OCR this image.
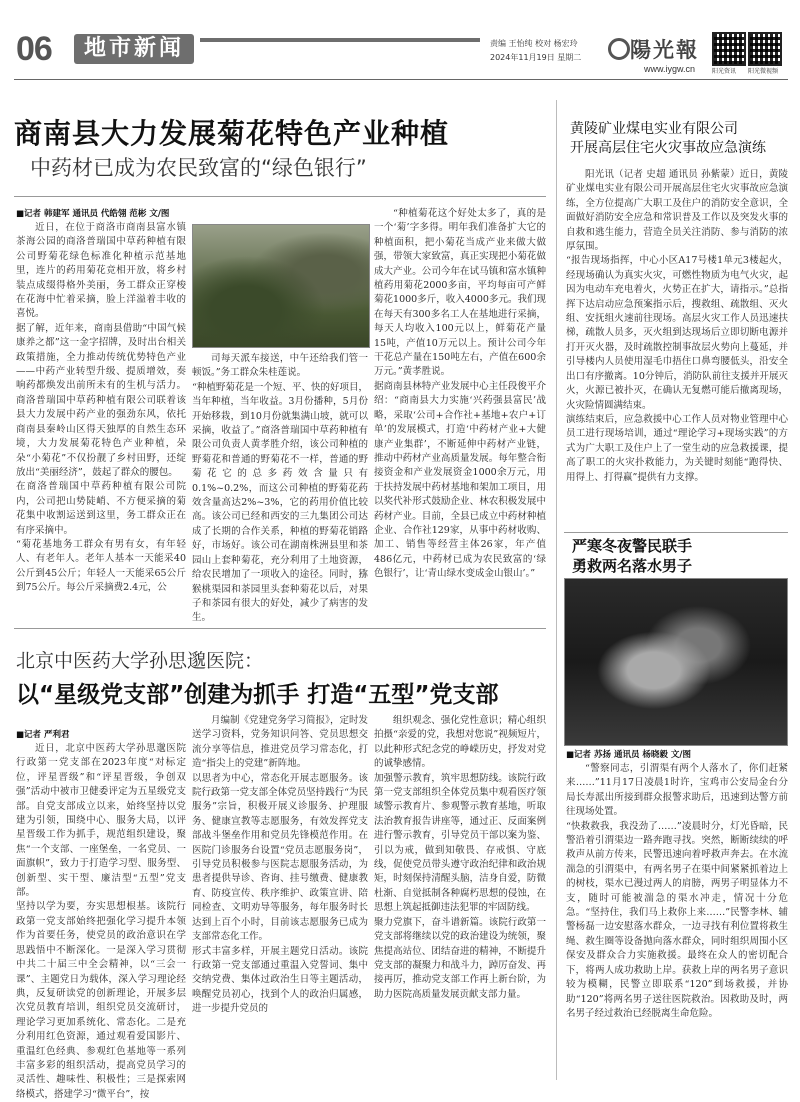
06	地市新闻	责编 王怡纯 校对 杨宏玲
2024年11月19日 星期二 陽光報
www.iygw.cn	阳光资讯 阳光微视频
商南县大力发展菊花特色产业种植
中药材已成为农民致富的“绿色银行”
■记者 韩建军 通讯员 代皓翎 范彬 文/图

近日，在位于商洛市商南县富水镇茶海公园的商洛普瑞国中草药种植有限公司野菊花绿色标准化种植示范基地里，连片的药用菊花竞相开放，将乡村装点成缀得格外美丽，务工群众正穿梭在花海中忙着采摘，脸上洋溢着丰收的喜悦。
据了解，近年来，商南县借助“中国气候康养之都”这一金字招牌，及时出台相关政策措施，全力推动传统优势特色产业——中药产业转型升级、提质增效，奏响药都焕发出前所未有的生机与活力。商洛普瑞国中草药种植有限公司联着该县大力发展中药产业的强劲东风，依托商南县秦岭山区得天独厚的自然生态环境，大力发展菊花特色产业种植，朵朵“小菊花”不仅扮靓了乡村田野，还绽放出“美丽经济”，鼓起了群众的腰包。
在商洛普瑞国中草药种植有限公司院内，公司把山势陡峭、不方便采摘的菊花集中收割运送到这里，务工群众正在有序采摘中。
“菊花基地务工群众有男有女，有年轻人、有老年人。老年人基本一天能采40公斤到45公斤；年轻人一天能采65公斤到75公斤。每公斤采摘费2.4元，公

司每天派车接送，中午还给我们管一顿饭。”务工群众朱桂莲说。
“种植野菊花是一个短、平、快的好项目，当年种植，当年收益。3月份播种，5月份开始移栽，到10月份就集满山坡，就可以采摘，收益了。”商洛普瑞国中草药种植有限公司负责人黄孝胜介绍，该公司种植的野菊花和普通的野菊花不一样，普通的野菊花它的总多药效含量只有0.1%~0.2%，而这公司种植的野菊花药效含量高达2%~3%，它的药用价值比较高。该公司已经和西安的三九集团公司达成了长期的合作关系，种植的野菊花销路好，市场好。该公司在湖南株洲县里和茶园山上套种菊花，充分利用了土地资源，给农民增加了一项收入的途径。同时，猕猴桃渠园和茶园里头套种菊花以后，对果子和茶园有很大的好处，减少了病害的发生。

“种植菊花这个好处太多了，真的是一个‘菊’字多得。明年我们准备扩大它的种植面积，把小菊花当成产业来做大做强，带领大家致富，真正实现把小菊花做成大产业。公司今年在试马镇和富水镇种植药用菊花2000多亩，平均每亩可产鲜菊花1000多斤，收入4000多元。我们现在每天有300多名工人在基地进行采摘，每天人均收入100元以上，鲜菊花产量15吨，产值10万元以上。预计公司今年干花总产量在150吨左右，产值在600余万元。”黄孝胜说。
据商南县林特产业发展中心主任段俊平介绍：“商南县大力实施‘兴药强县富民’战略，采取‘公司+合作社+基地+农户+订单’的发展模式，打造‘中药材产业+大健康产业集群’，不断延伸中药材产业链，推动中药材产业高质量发展。每年整合衔接资金和产业发展资金1000余万元，用于扶持发展中药材基地和架加工项目，用以奖代补形式鼓励企业、林农积极发展中药材产业。目前，全县已成立中药材种植企业、合作社129家，从事中药材收购、加工、销售等经营主体26家，年产值486亿元，中药材已成为农民致富的‘绿色银行’，让‘青山绿水变成金山银山’。”

北京中医药大学孙思邈医院：
以“星级党支部”创建为抓手 打造“五型”党支部
■记者 严利君

近日，北京中医药大学孙思邈医院行政第一党支部在2023年度“对标定位，评星晋级”和“评星晋级，争创双强”活动中被市卫健委评定为五星级党支部。自党支部成立以来，始终坚持以党建为引领，围绕中心、服务大局，以评星晋级工作为抓手，规范组织建设，聚焦“一个支部、一座堡垒，一名党员、一面旗帜”，致力于打造学习型、服务型、创新型、实干型、廉洁型“五型”党支部。
坚持以学为要，夯实思想根基。该院行政第一党支部始终把强化学习提升本领作为首要任务，使党员的政治意识在学思践悟中不断深化。一是深入学习贯彻中共二十届三中全会精神，以“三会一课”、主题党日为载体，深入学习理论经典，反复研读党的创新理论，开展多层次党员教育培训，组织党员交流研讨，理论学习更加系统化、常态化。二是充分利用红色资源，通过观看爱国影片、重温红色经典、参观红色基地等一系列丰富多彩的组织活动，提高党员学习的灵活性、趣味性、积极性；三是探索网络模式，搭建学习“微平台”，按

月编制《党建党务学习简报》，定时发送学习资料，党务知识问答、党员思想交流分享等信息，推进党员学习常态化，打造“指尖上的党建”新阵地。
以思者为中心，常态化开展志愿服务。该院行政第一党支部全体党员坚持践行“为民服务”宗旨，积极开展义诊服务、护理服务、健康宣教等志愿服务，有效发挥党支部战斗堡垒作用和党员先锋模范作用。在医院门诊服务台设置“党员志愿服务岗”，引导党员积极参与医院志愿服务活动，为患者提供导诊、咨询、挂号缴费、健康教育、防疫宣传、秩序维护、政策宣讲、陪同检查、文明劝导等服务，每年服务时长达到上百个小时，目前该志愿服务已成为支部常态化工作。
形式丰富多样，开展主题党日活动。该院行政第一党支部通过重温入党誓词、集中交纳党费、集体过政治生日等主题活动，唤醒党员初心，找到个人的政治归属感，进一步提升党员的

组织观念、强化党性意识；精心组织拍摄“亲爱的党，我想对您说”视频短片，以此种形式纪念党的峥嵘历史，抒发对党的诚挚感情。
加强警示教育，筑牢思想防线。该院行政第一党支部组织全体党员集中观看医疗领域警示教育片、参观警示教育基地，听取法治教育报告讲座等，通过正、反面案例进行警示教育，引导党员干部以案为鉴、引以为戒，做到知敬畏、存戒惧、守底线，促使党员带头遵守政治纪律和政治规矩，时刻保持清醒头脑，洁身自爱，防微杜渐、自觉抵制各种腐朽思想的侵蚀，在思想上筑起抵御违法犯罪的牢固防线。
聚力党旗下，奋斗谱新篇。该院行政第一党支部将继续以党的政治建设为统领，聚焦提高站位、团结奋进的精神，不断提升党支部的凝聚力和战斗力，踔厉奋发、再接再厉，推动党支部工作再上新台阶，为助力医院高质量发展贡献支部力量。

黄陵矿业煤电实业有限公司
开展高层住宅火灾事故应急演练

阳光讯（记者 史超 通讯员 孙紫蒙）近日，黄陵矿业煤电实业有限公司开展高层住宅火灾事故应急演练，全方位提高广大职工及住户的消防安全意识，全面做好消防安全应急和常识普及工作以及突发火事的自救和逃生能力，营造全员关注消防、参与消防的浓厚氛围。
“报告现场指挥，中心小区A17号楼1单元3楼起火，经现场确认为真实火灾，可燃性物质为电气火灾，起因为电动车充电着火，火势正在扩大，请指示。”总指挥下达启动应急预案指示后，搜救组、疏散组、灭火组、安抚组火速前往现场。高层火灾工作人员迅速扶梯，疏散人员多，灭火组到达现场后立即切断电源并打开灭火器，及时疏散控制事故层火势向上蔓延，并引导楼内人员使用湿毛巾捂住口鼻弯腰低头，沿安全出口有序撤离。10分钟后，消防队前往支援并开展灭火，火源已被扑灭，在确认无复燃可能后撤离现场，火灾险情圆满结束。
演练结束后，应急救援中心工作人员对物业管理中心员工进行现场培训，通过“理论学习+现场实践”的方式为广大职工及住户上了一堂生动的应急救援课，提高了职工的火灾扑救能力，为关键时刻能“跑得快、用得上、打得赢”提供有力支撑。

严寒冬夜警民联手
勇救两名落水男子
■记者 苏扬 通讯员 杨晓毅 文/图

“警察同志，引渭渠有两个人落水了，你们赶紧来……”11月17日凌晨1时许，宝鸡市公安局金台分局长寿派出所接到群众报警求助后，迅速到达警方前往现场处置。
“快救救我，我没劲了……”凌晨时分，灯光昏暗，民警沿着引渭渠边一路奔跑寻找。突然，断断续续的呼救声从前方传来，民警迅速向着呼救声奔去。在水流湍急的引渭渠中，有两名男子在渠中间紧紧抓着边上的树枝，渠水已漫过两人的肩膀，两男子明显体力不支，随时可能被湍急的渠水冲走，情况十分危急。“坚持住，我们马上救你上来……”民警李林、辅警杨磊一边安慰落水群众，一边寻找有利位置将救生绳、救生圈等设备抛向落水群众，同时组织周围小区保安及群众合力实施救援。最终在众人的密切配合下，将两人成功救助上岸。获救上岸的两名男子意识较为模糊，民警立即联系“120”到场救援，并协助“120”将两名男子送往医院救治。因救助及时，两名男子经过救治已经脱离生命危险。
